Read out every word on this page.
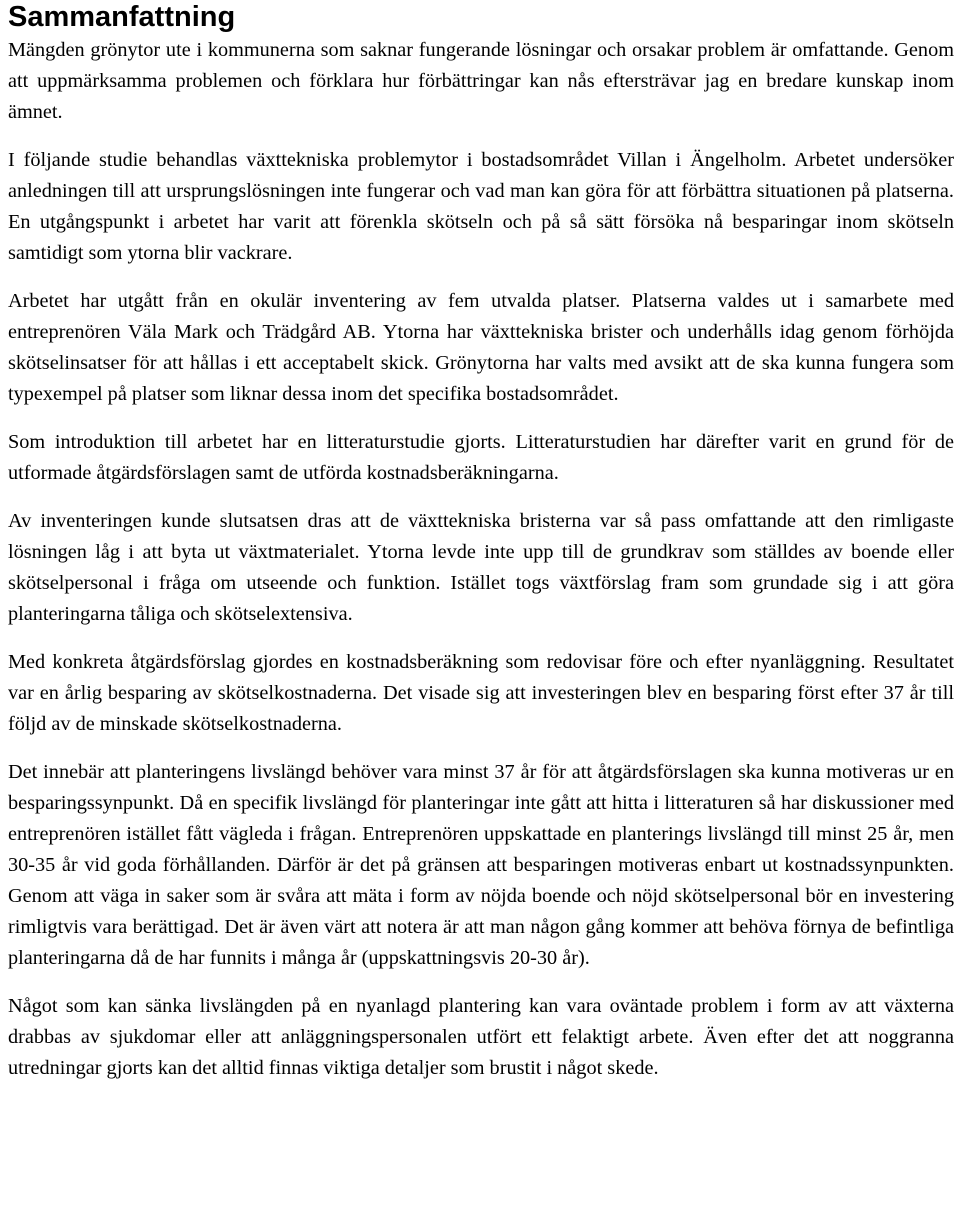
Sammanfattning

Mängden grönytor ute i kommunerna som saknar fungerande lösningar och orsakar problem är omfattande. Genom att uppmärksamma problemen och förklara hur förbättringar kan nås eftersträvar jag en bredare kunskap inom ämnet.

I följande studie behandlas växttekniska problemytor i bostadsområdet Villan i Ängelholm. Arbetet undersöker anledningen till att ursprungslösningen inte fungerar och vad man kan göra för att förbättra situationen på platserna. En utgångspunkt i arbetet har varit att förenkla skötseln och på så sätt försöka nå besparingar inom skötseln samtidigt som ytorna blir vackrare.

Arbetet har utgått från en okulär inventering av fem utvalda platser. Platserna valdes ut i samarbete med entreprenören Väla Mark och Trädgård AB. Ytorna har växttekniska brister och underhålls idag genom förhöjda skötselinsatser för att hållas i ett acceptabelt skick. Grönytorna har valts med avsikt att de ska kunna fungera som typexempel på platser som liknar dessa inom det specifika bostadsområdet.

Som introduktion till arbetet har en litteraturstudie gjorts. Litteraturstudien har därefter varit en grund för de utformade åtgärdsförslagen samt de utförda kostnadsberäkningarna.

Av inventeringen kunde slutsatsen dras att de växttekniska bristerna var så pass omfattande att den rimligaste lösningen låg i att byta ut växtmaterialet. Ytorna levde inte upp till de grundkrav som ställdes av boende eller skötselpersonal i fråga om utseende och funktion. Istället togs växtförslag fram som grundade sig i att göra planteringarna tåliga och skötselextensiva.

Med konkreta åtgärdsförslag gjordes en kostnadsberäkning som redovisar före och efter nyanläggning. Resultatet var en årlig besparing av skötselkostnaderna. Det visade sig att investeringen blev en besparing först efter 37 år till följd av de minskade skötselkostnaderna.

Det innebär att planteringens livslängd behöver vara minst 37 år för att åtgärdsförslagen ska kunna motiveras ur en besparingssynpunkt. Då en specifik livslängd för planteringar inte gått att hitta i litteraturen så har diskussioner med entreprenören istället fått vägleda i frågan. Entreprenören uppskattade en planterings livslängd till minst 25 år, men 30-35 år vid goda förhållanden. Därför är det på gränsen att besparingen motiveras enbart ut kostnadssynpunkten. Genom att väga in saker som är svåra att mäta i form av nöjda boende och nöjd skötselpersonal bör en investering rimligtvis vara berättigad. Det är även värt att notera är att man någon gång kommer att behöva förnya de befintliga planteringarna då de har funnits i många år (uppskattningsvis 20-30 år).

Något som kan sänka livslängden på en nyanlagd plantering kan vara oväntade problem i form av att växterna drabbas av sjukdomar eller att anläggningspersonalen utfört ett felaktigt arbete. Även efter det att noggranna utredningar gjorts kan det alltid finnas viktiga detaljer som brustit i något skede.
